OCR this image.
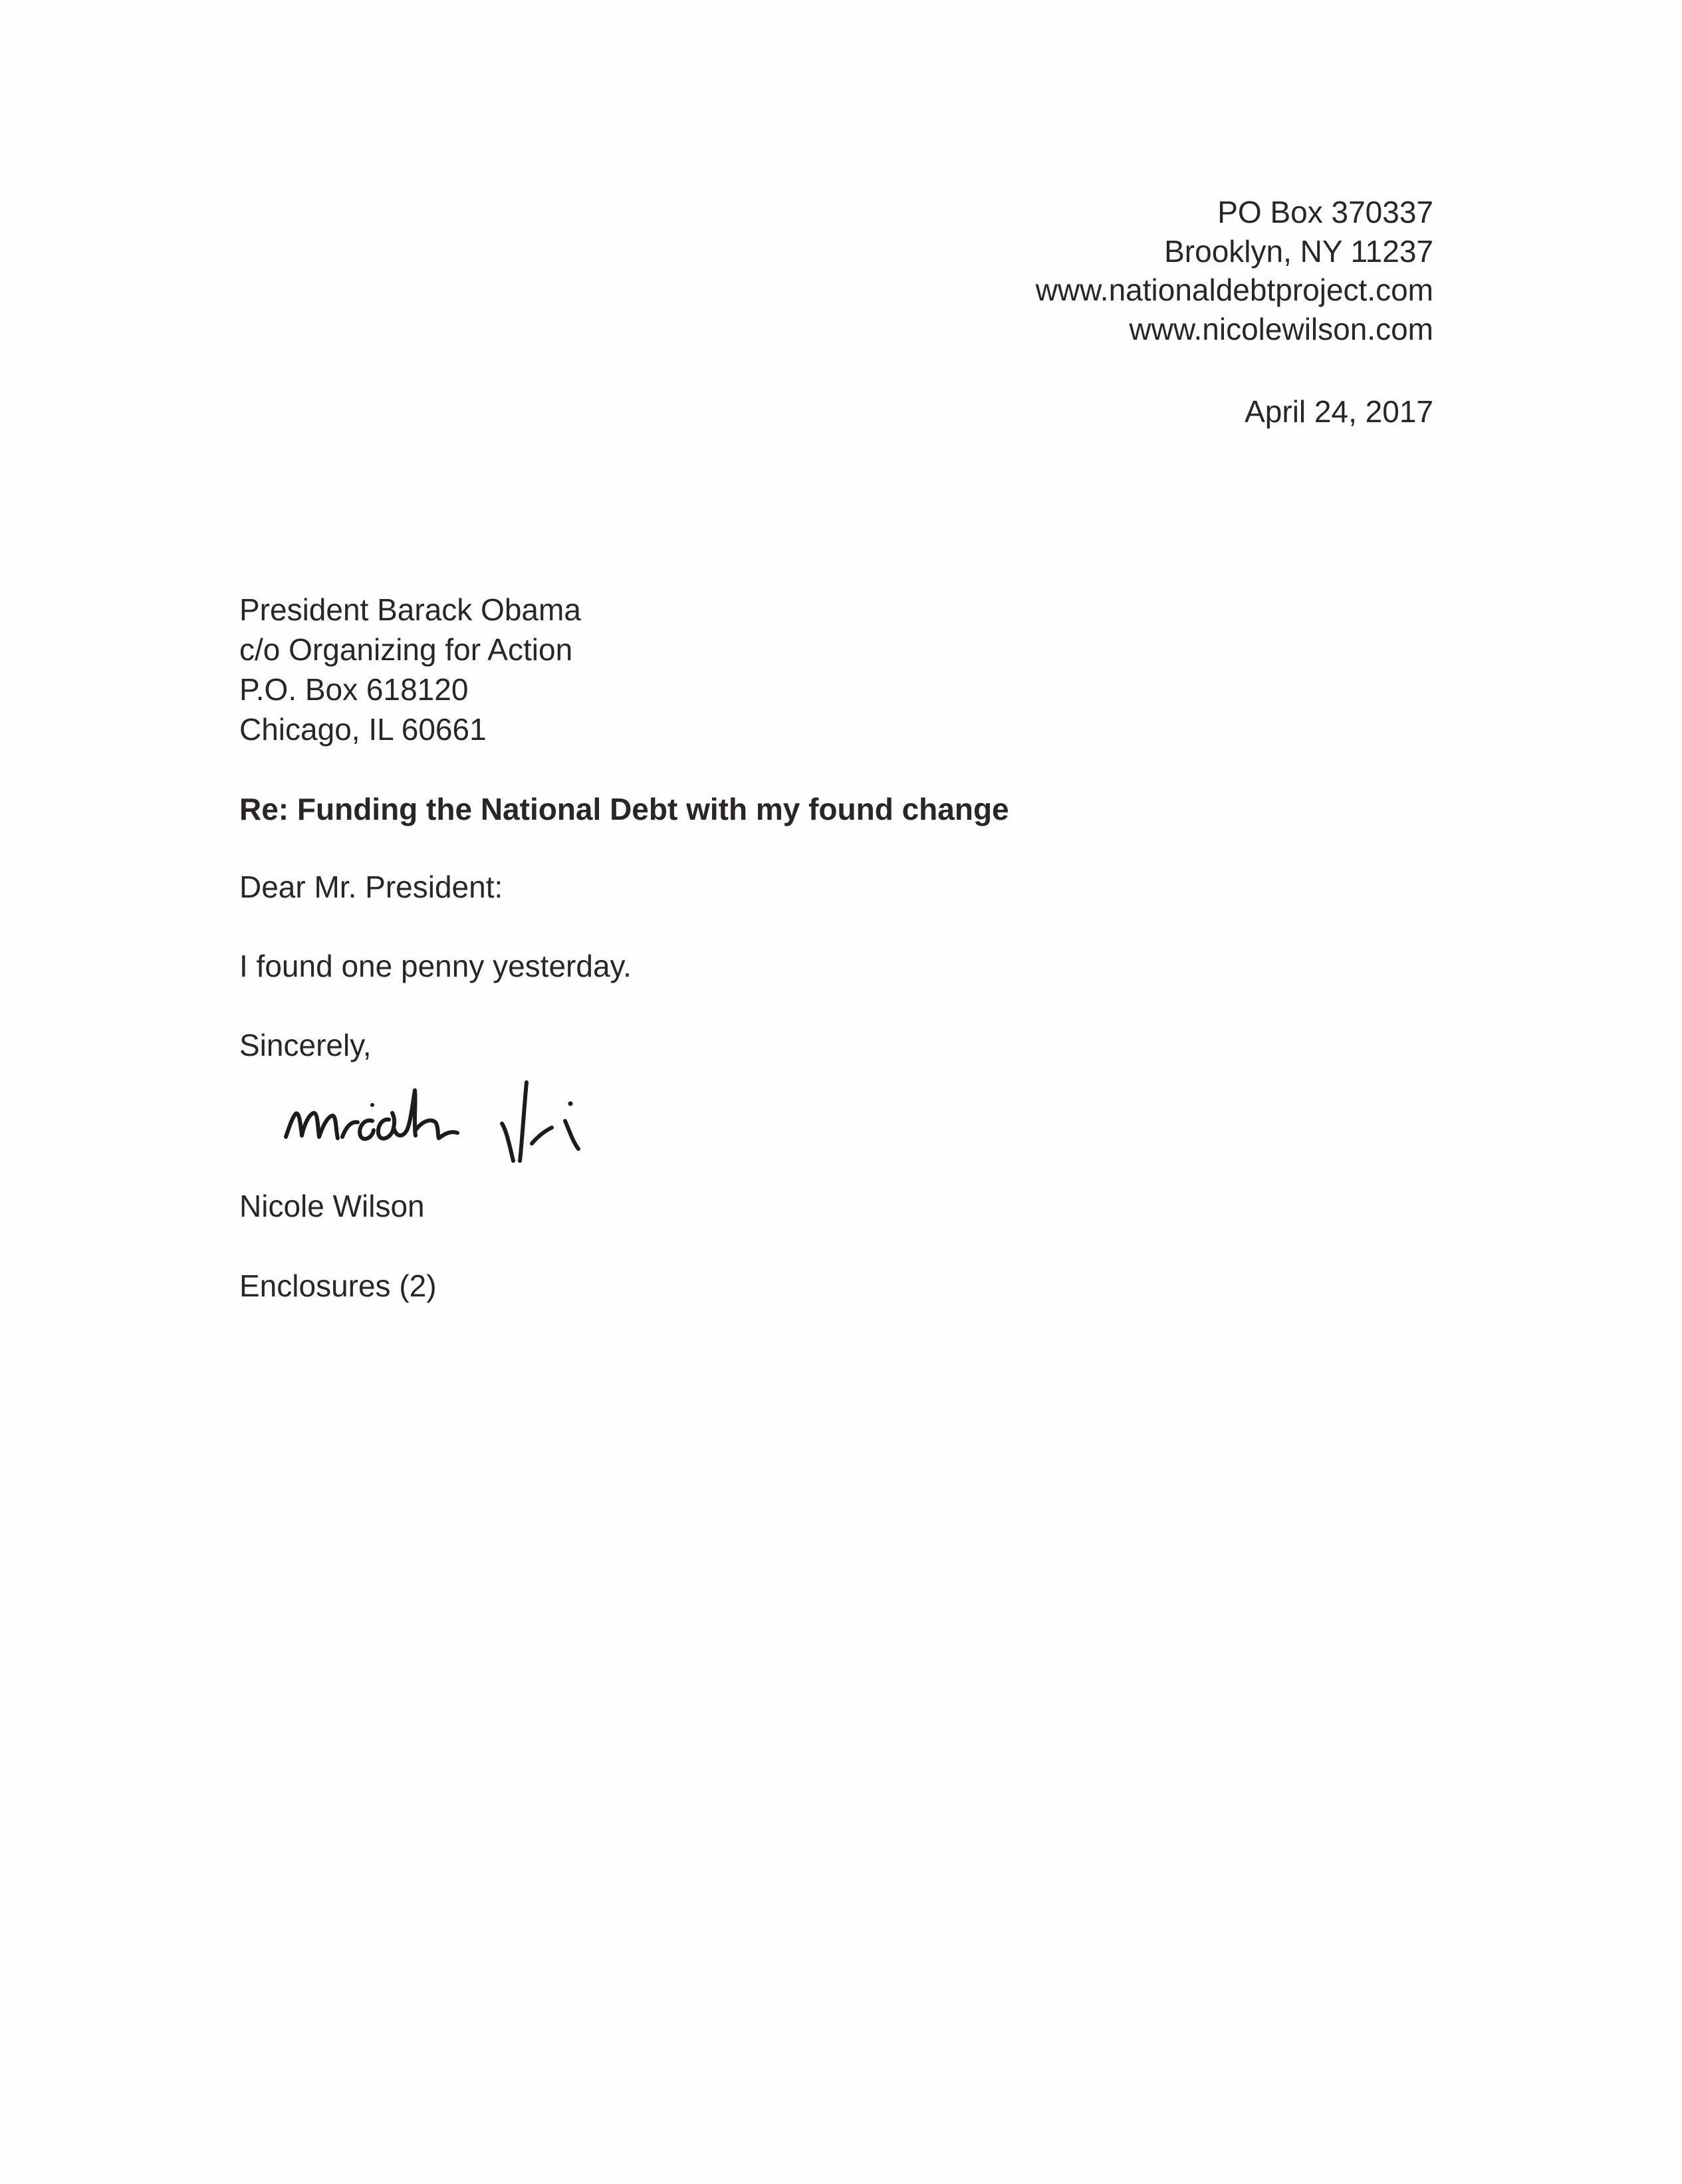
PO Box 370337
Brooklyn, NY 11237
www.nationaldebtproject.com
www.nicolewilson.com
April 24, 2017
President Barack Obama
c/o Organizing for Action
P.O. Box 618120
Chicago, IL 60661
Re: Funding the National Debt with my found change
Dear Mr. President:
I found one penny yesterday.
Sincerely,
Nicole Wilson
Enclosures (2)
